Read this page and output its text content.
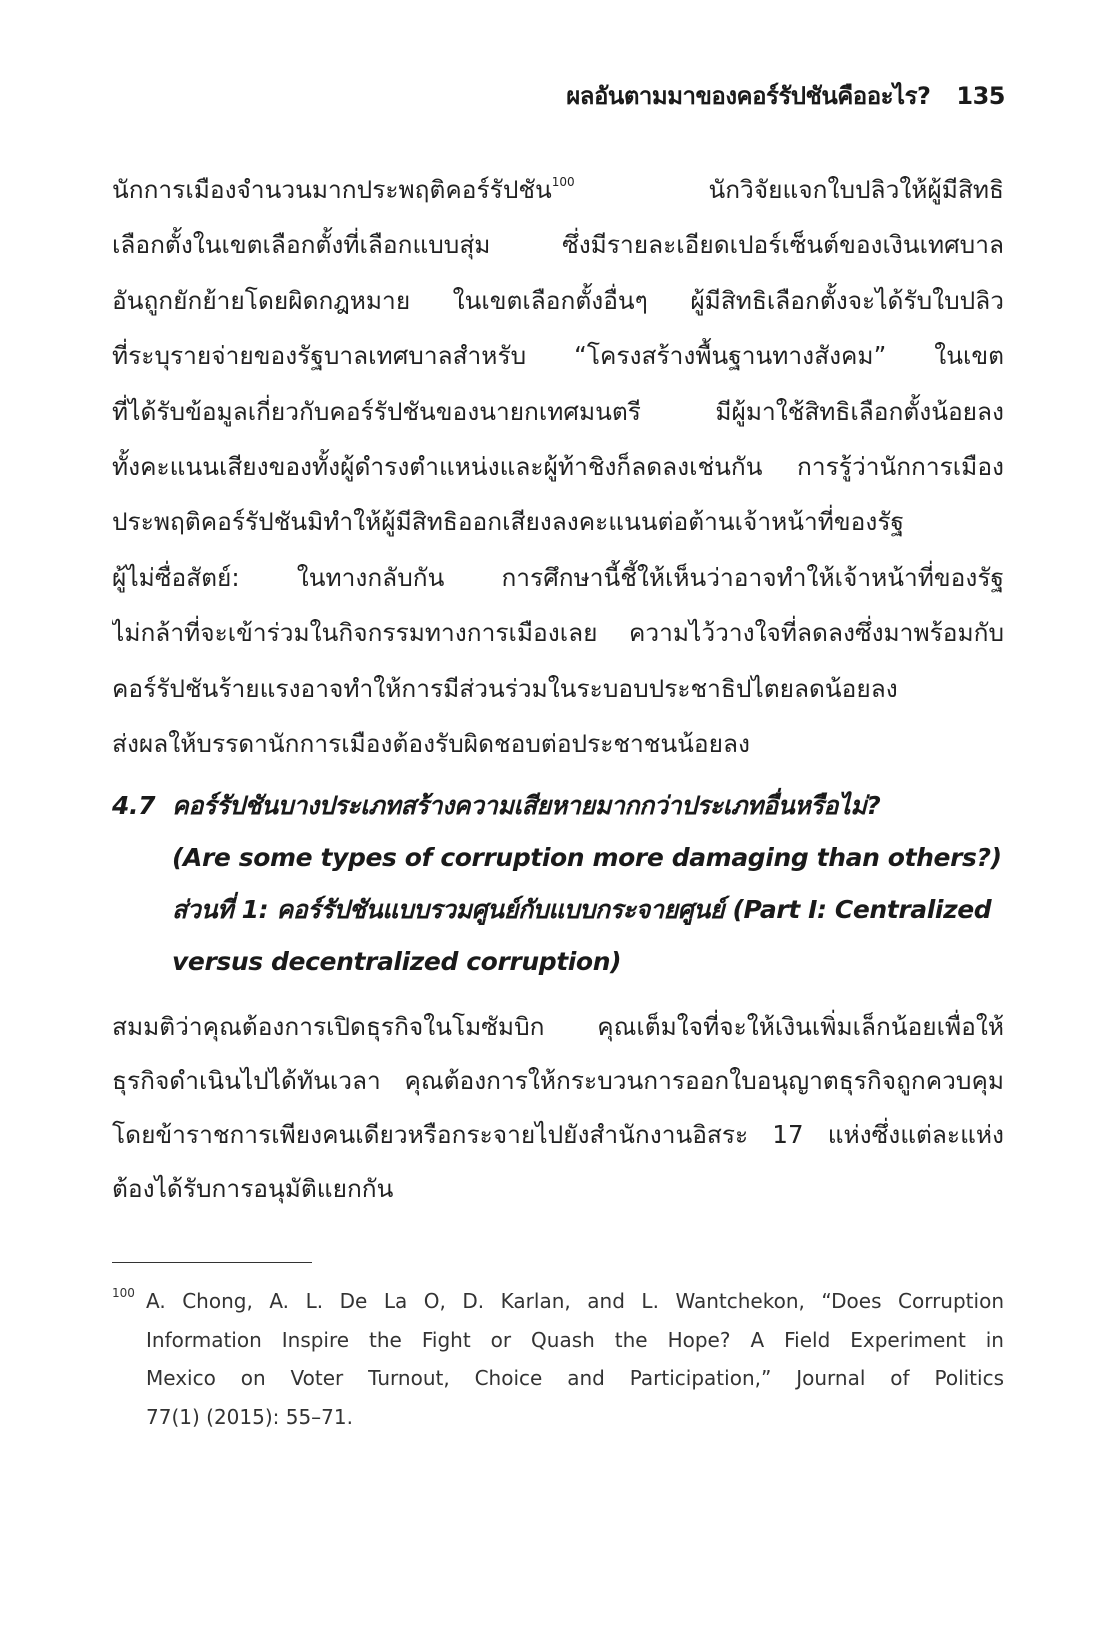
ผลอันตามมาของคอร์รัปชันคืออะไร? 135
นักการเมืองจำนวนมากประพฤติคอร์รัปชัน$^{100}$	นักวิจัยแจกใบปลิวให้ผู้มีสิทธิ
เลือกตั้งในเขตเลือกตั้งที่เลือกแบบสุ่ม ซึ่งมีรายละเอียดเปอร์เซ็นต์ของเงินเทศบาล
อันถูกยักย้ายโดยผิดกฎหมาย ในเขตเลือกตั้งอื่นๆ ผู้มีสิทธิเลือกตั้งจะได้รับใบปลิว
ที่ระบุรายจ่ายของรัฐบาลเทศบาลสำหรับ “โครงสร้างพื้นฐานทางสังคม” ในเขต
ที่ได้รับข้อมูลเกี่ยวกับคอร์รัปชันของนายกเทศมนตรี มีผู้มาใช้สิทธิเลือกตั้งน้อยลง
ทั้งคะแนนเสียงของทั้งผู้ดำรงตำแหน่งและผู้ท้าชิงก็ลดลงเช่นกัน การรู้ว่านักการเมือง
ประพฤติคอร์รัปชันมิทำให้ผู้มีสิทธิออกเสียงลงคะแนนต่อต้านเจ้าหน้าที่ของรัฐ
ผู้ไม่ซื่อสัตย์: ในทางกลับกัน การศึกษานี้ชี้ให้เห็นว่าอาจทำให้เจ้าหน้าที่ของรัฐ
ไม่กล้าที่จะเข้าร่วมในกิจกรรมทางการเมืองเลย ความไว้วางใจที่ลดลงซึ่งมาพร้อมกับ
คอร์รัปชันร้ายแรงอาจทำให้การมีส่วนร่วมในระบอบประชาธิปไตยลดน้อยลง
ส่งผลให้บรรดานักการเมืองต้องรับผิดชอบต่อประชาชนน้อยลง
4.7 คอร์รัปชันบางประเภทสร้างความเสียหายมากกว่าประเภทอื่นหรือไม่?
(Are some types of corruption more damaging than others?)
ส่วนที่ 1: คอร์รัปชันแบบรวมศูนย์กับแบบกระจายศูนย์ (Part I: Centralized
versus decentralized corruption)
สมมติว่าคุณต้องการเปิดธุรกิจในโมซัมบิก คุณเต็มใจที่จะให้เงินเพิ่มเล็กน้อยเพื่อให้
ธุรกิจดำเนินไปได้ทันเวลา คุณต้องการให้กระบวนการออกใบอนุญาตธุรกิจถูกควบคุม
โดยข้าราชการเพียงคนเดียวหรือกระจายไปยังสำนักงานอิสระ 17 แห่งซึ่งแต่ละแห่ง
ต้องได้รับการอนุมัติแยกกัน
100 A. Chong, A. L. De La O, D. Karlan, and L. Wantchekon, “Does Corruption
Information Inspire the Fight or Quash the Hope? A Field Experiment in
Mexico on Voter Turnout, Choice and Participation,” Journal of Politics
77(1) (2015): 55–71.
